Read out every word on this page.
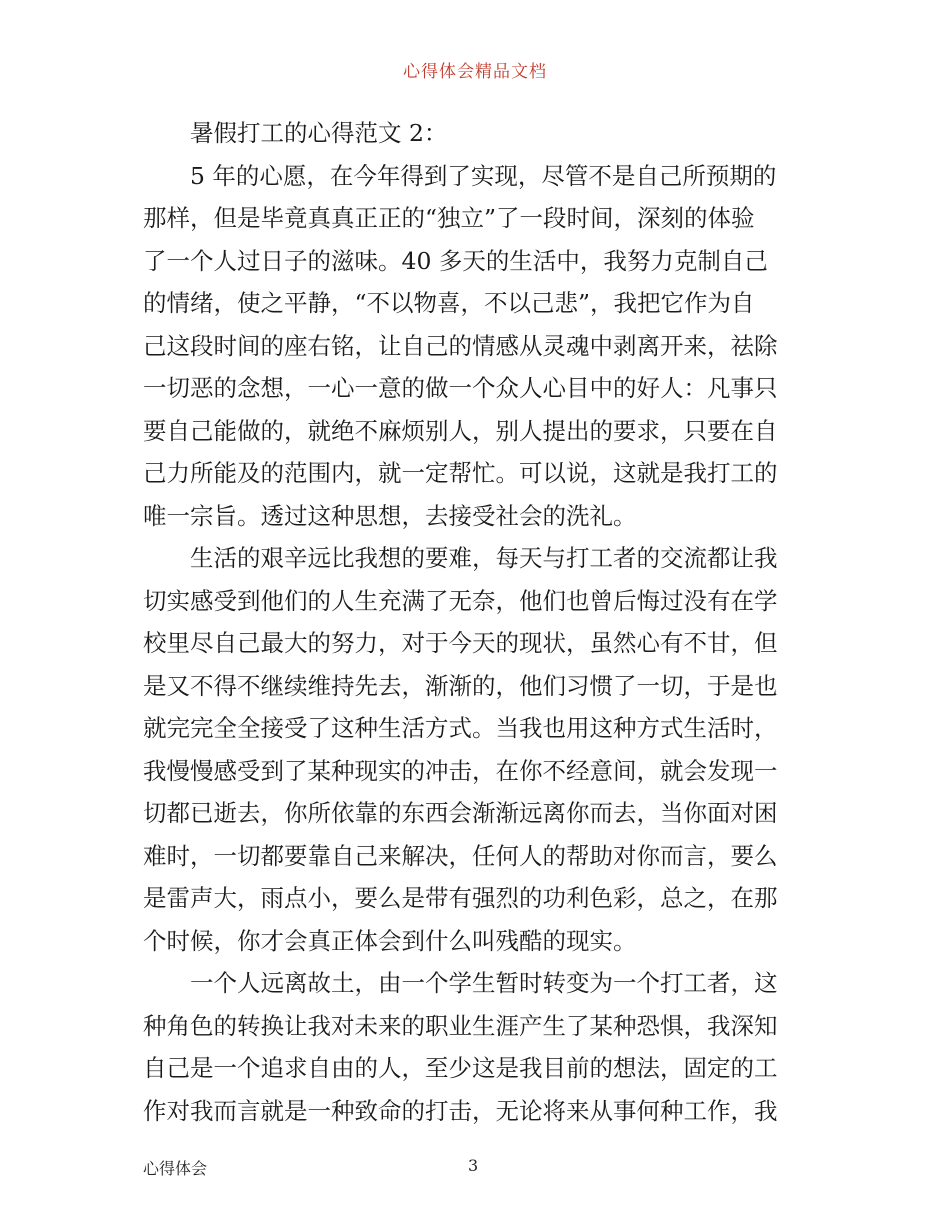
心得体会精品文档
　　暑假打工的心得范文 2：
　　5 年的心愿，在今年得到了实现，尽管不是自己所预期的
那样，但是毕竟真真正正的“独立”了一段时间，深刻的体验
了一个人过日子的滋味。40 多天的生活中，我努力克制自己
的情绪，使之平静，“不以物喜，不以己悲”，我把它作为自
己这段时间的座右铭，让自己的情感从灵魂中剥离开来，祛除
一切恶的念想，一心一意的做一个众人心目中的好人：凡事只
要自己能做的，就绝不麻烦别人，别人提出的要求，只要在自
己力所能及的范围内，就一定帮忙。可以说，这就是我打工的
唯一宗旨。透过这种思想，去接受社会的洗礼。
　　生活的艰辛远比我想的要难，每天与打工者的交流都让我
切实感受到他们的人生充满了无奈，他们也曾后悔过没有在学
校里尽自己最大的努力，对于今天的现状，虽然心有不甘，但
是又不得不继续维持先去，渐渐的，他们习惯了一切，于是也
就完完全全接受了这种生活方式。当我也用这种方式生活时，
我慢慢感受到了某种现实的冲击，在你不经意间，就会发现一
切都已逝去，你所依靠的东西会渐渐远离你而去，当你面对困
难时，一切都要靠自己来解决，任何人的帮助对你而言，要么
是雷声大，雨点小，要么是带有强烈的功利色彩，总之，在那
个时候，你才会真正体会到什么叫残酷的现实。
　　一个人远离故土，由一个学生暂时转变为一个打工者，这
种角色的转换让我对未来的职业生涯产生了某种恐惧，我深知
自己是一个追求自由的人，至少这是我目前的想法，固定的工
作对我而言就是一种致命的打击，无论将来从事何种工作，我
心得体会	3
